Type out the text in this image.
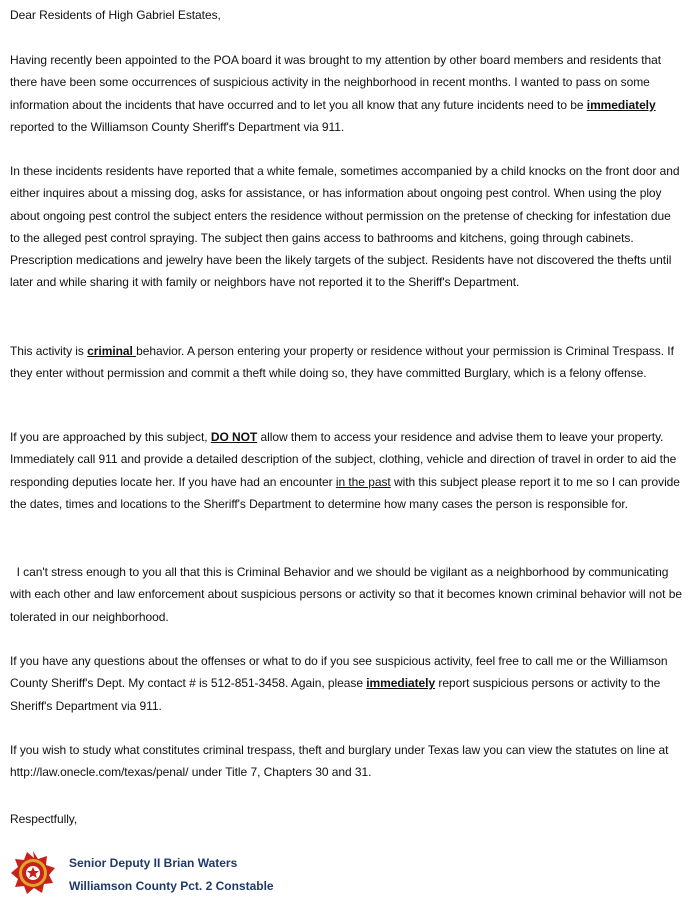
Dear Residents of High Gabriel Estates,

Having recently been appointed to the POA board it was brought to my attention by other board members and residents that there have been some occurrences of suspicious activity in the neighborhood in recent months. I wanted to pass on some information about the incidents that have occurred and to let you all know that any future incidents need to be immediately reported to the Williamson County Sheriff's Department via 911.

In these incidents residents have reported that a white female, sometimes accompanied by a child knocks on the front door and either inquires about a missing dog, asks for assistance, or has information about ongoing pest control. When using the ploy about ongoing pest control the subject enters the residence without permission on the pretense of checking for infestation due to the alleged pest control spraying. The subject then gains access to bathrooms and kitchens, going through cabinets. Prescription medications and jewelry have been the likely targets of the subject. Residents have not discovered the thefts until later and while sharing it with family or neighbors have not reported it to the Sheriff's Department.

This activity is criminal behavior. A person entering your property or residence without your permission is Criminal Trespass. If they enter without permission and commit a theft while doing so, they have committed Burglary, which is a felony offense.

If you are approached by this subject, DO NOT allow them to access your residence and advise them to leave your property. Immediately call 911 and provide a detailed description of the subject, clothing, vehicle and direction of travel in order to aid the responding deputies locate her. If you have had an encounter in the past with this subject please report it to me so I can provide the dates, times and locations to the Sheriff's Department to determine how many cases the person is responsible for.

I can't stress enough to you all that this is Criminal Behavior and we should be vigilant as a neighborhood by communicating with each other and law enforcement about suspicious persons or activity so that it becomes known criminal behavior will not be tolerated in our neighborhood.

If you have any questions about the offenses or what to do if you see suspicious activity, feel free to call me or the Williamson County Sheriff's Dept. My contact # is 512-851-3458. Again, please immediately report suspicious persons or activity to the Sheriff's Department via 911.

If you wish to study what constitutes criminal trespass, theft and burglary under Texas law you can view the statutes on line at http://law.onecle.com/texas/penal/ under Title 7, Chapters 30 and 31.

Respectfully,

Senior Deputy II Brian Waters
Williamson County Pct. 2 Constable
